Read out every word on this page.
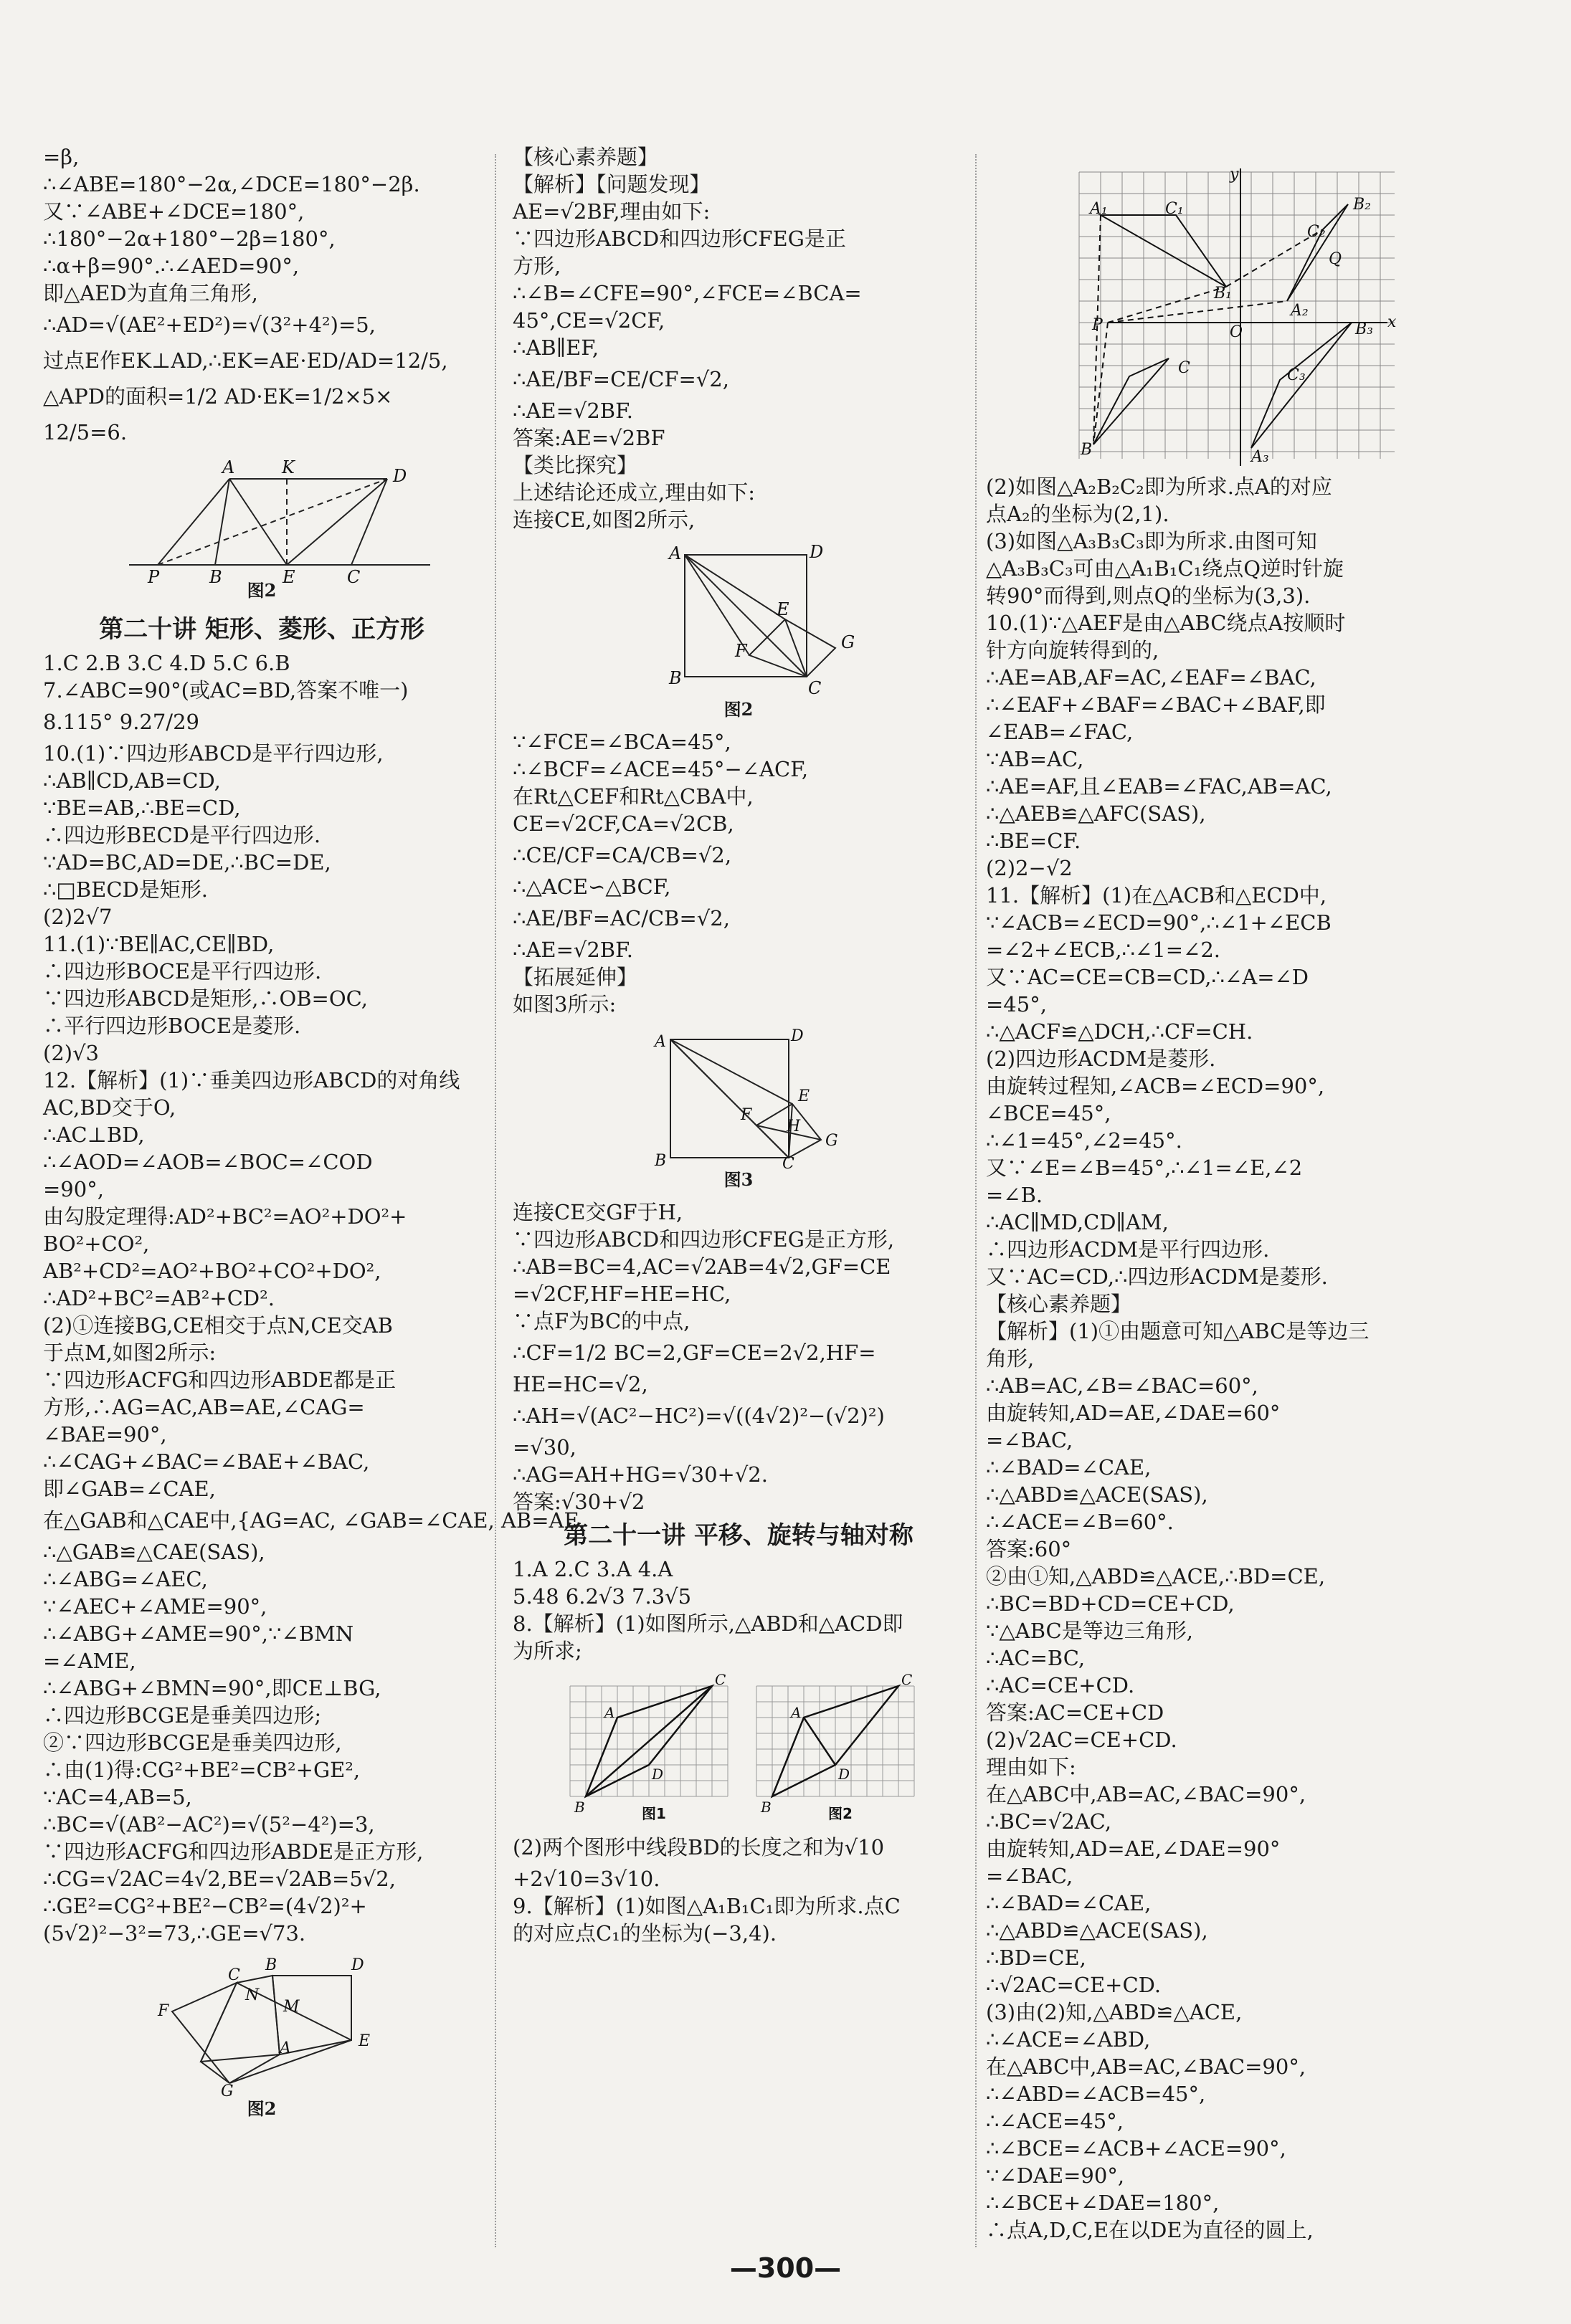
=β,
∴∠ABE=180°−2α,∠DCE=180°−2β.
又∵∠ABE+∠DCE=180°,
∴180°−2α+180°−2β=180°,
∴α+β=90°.∴∠AED=90°,
即△AED为直角三角形,
∴AD=√(AE²+ED²)=√(3²+4²)=5,
过点E作EK⊥AD,∴EK=AE·ED/AD=12/5,
△APD的面积=1/2 AD·EK=1/2×5×
12/5=6.
A	K	D
P	B	E	C
图2
第二十讲 矩形、菱形、正方形
1.C 2.B 3.C 4.D 5.C 6.B
7.∠ABC=90°(或AC=BD,答案不唯一)
8.115° 9.27/29
10.(1)∵四边形ABCD是平行四边形,
∴AB∥CD,AB=CD,
∵BE=AB,∴BE=CD,
∴四边形BECD是平行四边形.
∵AD=BC,AD=DE,∴BC=DE,
∴□BECD是矩形.
(2)2√7
11.(1)∵BE∥AC,CE∥BD,
∴四边形BOCE是平行四边形.
∵四边形ABCD是矩形,∴OB=OC,
∴平行四边形BOCE是菱形.
(2)√3
12.【解析】(1)∵垂美四边形ABCD的对角线
AC,BD交于O,
∴AC⊥BD,
∴∠AOD=∠AOB=∠BOC=∠COD
=90°,
由勾股定理得:AD²+BC²=AO²+DO²+
BO²+CO²,
AB²+CD²=AO²+BO²+CO²+DO²,
∴AD²+BC²=AB²+CD².
(2)①连接BG,CE相交于点N,CE交AB
于点M,如图2所示:
∵四边形ACFG和四边形ABDE都是正
方形,∴AG=AC,AB=AE,∠CAG=
∠BAE=90°,
∴∠CAG+∠BAC=∠BAE+∠BAC,
即∠GAB=∠CAE,
在△GAB和△CAE中,{AG=AC, ∠GAB=∠CAE, AB=AE,
∴△GAB≌△CAE(SAS),
∴∠ABG=∠AEC,
∵∠AEC+∠AME=90°,
∴∠ABG+∠AME=90°,∵∠BMN
=∠AME,
∴∠ABG+∠BMN=90°,即CE⊥BG,
∴四边形BCGE是垂美四边形;
②∵四边形BCGE是垂美四边形,
∴由(1)得:CG²+BE²=CB²+GE²,
∵AC=4,AB=5,
∴BC=√(AB²−AC²)=√(5²−4²)=3,
∵四边形ACFG和四边形ABDE是正方形,
∴CG=√2AC=4√2,BE=√2AB=5√2,
∴GE²=CG²+BE²−CB²=(4√2)²+
(5√2)²−3²=73,∴GE=√73.
B	D
C
N
M
F
A	E
G
图2
【核心素养题】
【解析】【问题发现】
AE=√2BF,理由如下:
∵四边形ABCD和四边形CFEG是正
方形,
∴∠B=∠CFE=90°,∠FCE=∠BCA=
45°,CE=√2CF,
∴AB∥EF,
∴AE/BF=CE/CF=√2,
∴AE=√2BF.
答案:AE=√2BF
【类比探究】
上述结论还成立,理由如下:
连接CE,如图2所示,
A	D
E
G
F
B	C
图2
∵∠FCE=∠BCA=45°,
∴∠BCF=∠ACE=45°−∠ACF,
在Rt△CEF和Rt△CBA中,
CE=√2CF,CA=√2CB,
∴CE/CF=CA/CB=√2,
∴△ACE∽△BCF,
∴AE/BF=AC/CB=√2,
∴AE=√2BF.
【拓展延伸】
如图3所示:
A	D
E
F
H
G
B	C
图3
连接CE交GF于H,
∵四边形ABCD和四边形CFEG是正方形,
∴AB=BC=4,AC=√2AB=4√2,GF=CE
=√2CF,HF=HE=HC,
∵点F为BC的中点,
∴CF=1/2 BC=2,GF=CE=2√2,HF=
HE=HC=√2,
∴AH=√(AC²−HC²)=√((4√2)²−(√2)²)
=√30,
∴AG=AH+HG=√30+√2.
答案:√30+√2
第二十一讲 平移、旋转与轴对称
1.A 2.C 3.A 4.A
5.48 6.2√3 7.3√5
8.【解析】(1)如图所示,△ABD和△ACD即
为所求;
A
C
D
B
A
C
D
B
图1	图2
(2)两个图形中线段BD的长度之和为√10
+2√10=3√10.
9.【解析】(1)如图△A₁B₁C₁即为所求.点C
的对应点C₁的坐标为(−3,4).
y
x
O
P
A₁	C₁
B₁
A₂
C₂
B₂
Q
B₃
C₃
A₃
B
C
(2)如图△A₂B₂C₂即为所求.点A的对应
点A₂的坐标为(2,1).
(3)如图△A₃B₃C₃即为所求.由图可知
△A₃B₃C₃可由△A₁B₁C₁绕点Q逆时针旋
转90°而得到,则点Q的坐标为(3,3).
10.(1)∵△AEF是由△ABC绕点A按顺时
针方向旋转得到的,
∴AE=AB,AF=AC,∠EAF=∠BAC,
∴∠EAF+∠BAF=∠BAC+∠BAF,即
∠EAB=∠FAC,
∵AB=AC,
∴AE=AF,且∠EAB=∠FAC,AB=AC,
∴△AEB≌△AFC(SAS),
∴BE=CF.
(2)2−√2
11.【解析】(1)在△ACB和△ECD中,
∵∠ACB=∠ECD=90°,∴∠1+∠ECB
=∠2+∠ECB,∴∠1=∠2.
又∵AC=CE=CB=CD,∴∠A=∠D
=45°,
∴△ACF≌△DCH,∴CF=CH.
(2)四边形ACDM是菱形.
由旋转过程知,∠ACB=∠ECD=90°,
∠BCE=45°,
∴∠1=45°,∠2=45°.
又∵∠E=∠B=45°,∴∠1=∠E,∠2
=∠B.
∴AC∥MD,CD∥AM,
∴四边形ACDM是平行四边形.
又∵AC=CD,∴四边形ACDM是菱形.
【核心素养题】
【解析】(1)①由题意可知△ABC是等边三
角形,
∴AB=AC,∠B=∠BAC=60°,
由旋转知,AD=AE,∠DAE=60°
=∠BAC,
∴∠BAD=∠CAE,
∴△ABD≌△ACE(SAS),
∴∠ACE=∠B=60°.
答案:60°
②由①知,△ABD≌△ACE,∴BD=CE,
∴BC=BD+CD=CE+CD,
∵△ABC是等边三角形,
∴AC=BC,
∴AC=CE+CD.
答案:AC=CE+CD
(2)√2AC=CE+CD.
理由如下:
在△ABC中,AB=AC,∠BAC=90°,
∴BC=√2AC,
由旋转知,AD=AE,∠DAE=90°
=∠BAC,
∴∠BAD=∠CAE,
∴△ABD≌△ACE(SAS),
∴BD=CE,
∴√2AC=CE+CD.
(3)由(2)知,△ABD≌△ACE,
∴∠ACE=∠ABD,
在△ABC中,AB=AC,∠BAC=90°,
∴∠ABD=∠ACB=45°,
∴∠ACE=45°,
∴∠BCE=∠ACB+∠ACE=90°,
∵∠DAE=90°,
∴∠BCE+∠DAE=180°,
∴点A,D,C,E在以DE为直径的圆上,
—300—
